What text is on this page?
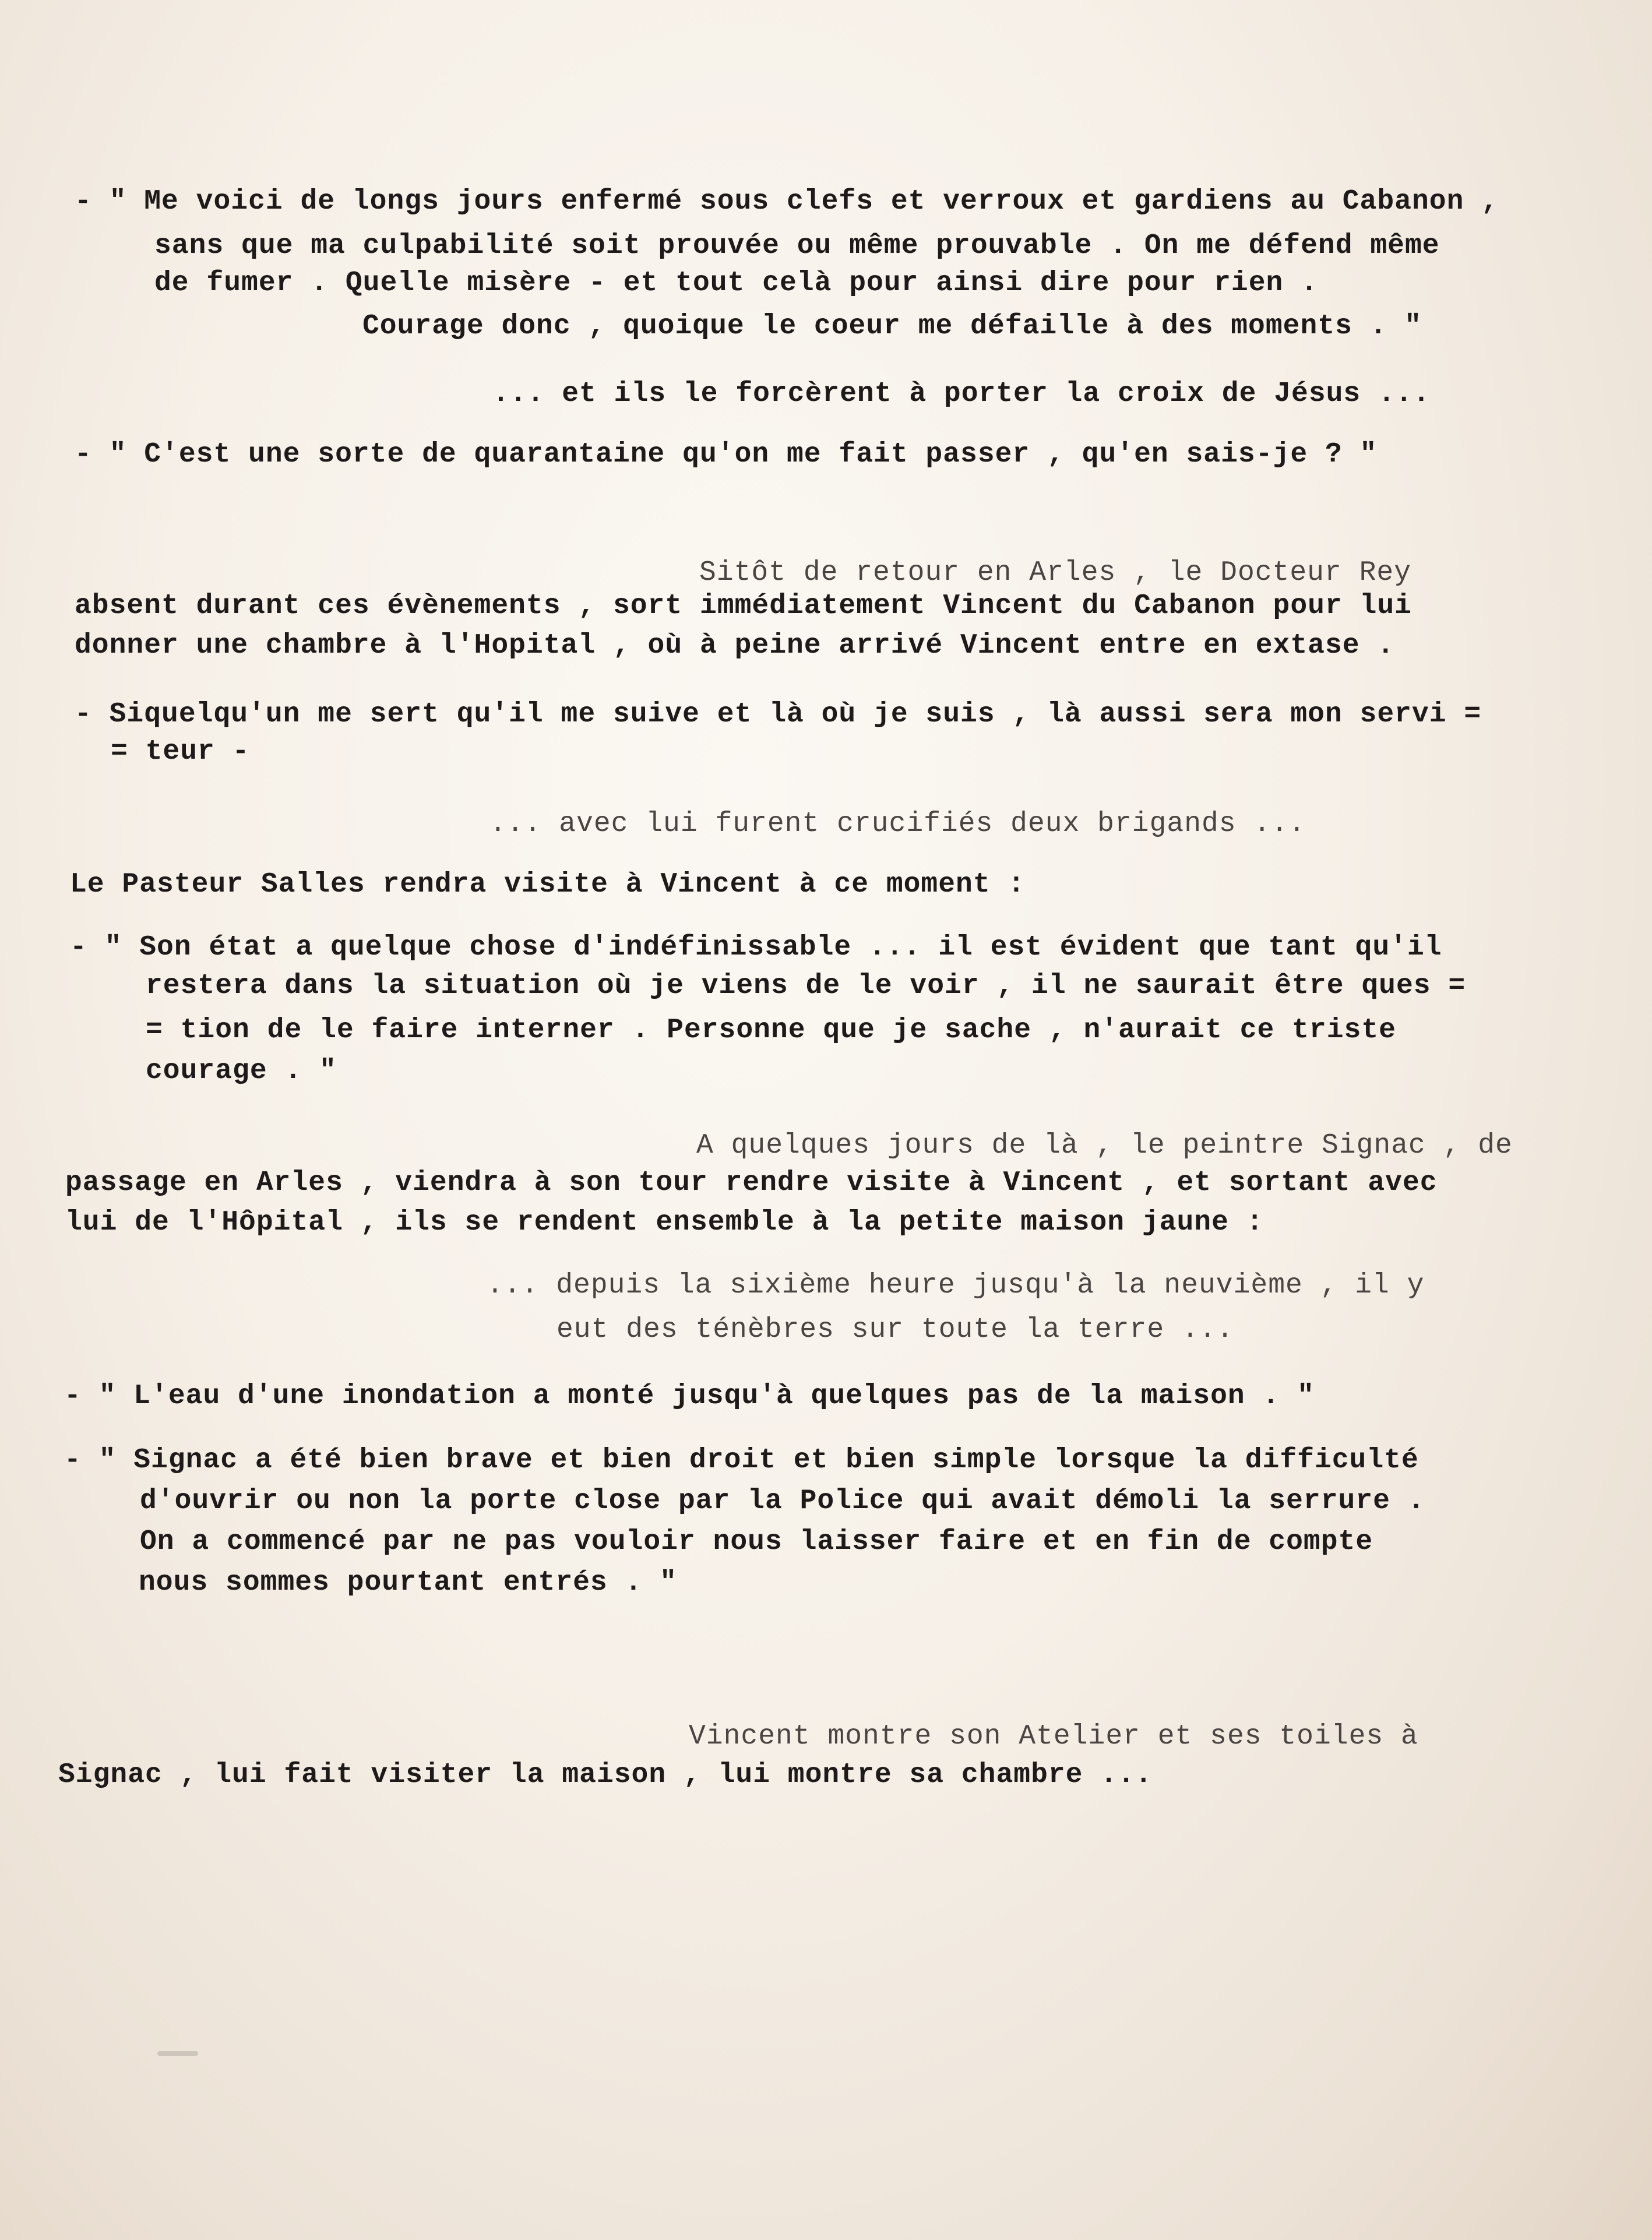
- " Me voici de longs jours enfermé sous clefs et verroux et gardiens au Cabanon ,
sans que ma culpabilité soit prouvée ou même prouvable . On me défend même
de fumer . Quelle misère - et tout celà pour ainsi dire pour rien .
Courage donc , quoique le coeur me défaille à des moments . "
... et ils le forcèrent à porter la croix de Jésus ...
- " C'est une sorte de quarantaine qu'on me fait passer , qu'en sais-je ? "
Sitôt de retour en Arles , le Docteur Rey
absent durant ces évènements , sort immédiatement Vincent du Cabanon pour lui
donner une chambre à l'Hopital , où à peine arrivé Vincent entre en extase .
- Siquelqu'un me sert qu'il me suive et là où je suis , là aussi sera mon servi =
= teur -
... avec lui furent crucifiés deux brigands ...
Le Pasteur Salles rendra visite à Vincent à ce moment :
- " Son état a quelque chose d'indéfinissable ... il est évident que tant qu'il
restera dans la situation où je viens de le voir , il ne saurait être ques =
= tion de le faire interner . Personne que je sache , n'aurait ce triste
courage . "
A quelques jours de là , le peintre Signac , de
passage en Arles , viendra à son tour rendre visite à Vincent , et sortant avec
lui de l'Hôpital , ils se rendent ensemble à la petite maison jaune :
... depuis la sixième heure jusqu'à la neuvième , il y
eut des ténèbres sur toute la terre ...
- " L'eau d'une inondation a monté jusqu'à quelques pas de la maison . "
- " Signac a été bien brave et bien droit et bien simple lorsque la difficulté
d'ouvrir ou non la porte close par la Police qui avait démoli la serrure .
On a commencé par ne pas vouloir nous laisser faire et en fin de compte
nous sommes pourtant entrés . "
Vincent montre son Atelier et ses toiles à
Signac , lui fait visiter la maison , lui montre sa chambre ...
